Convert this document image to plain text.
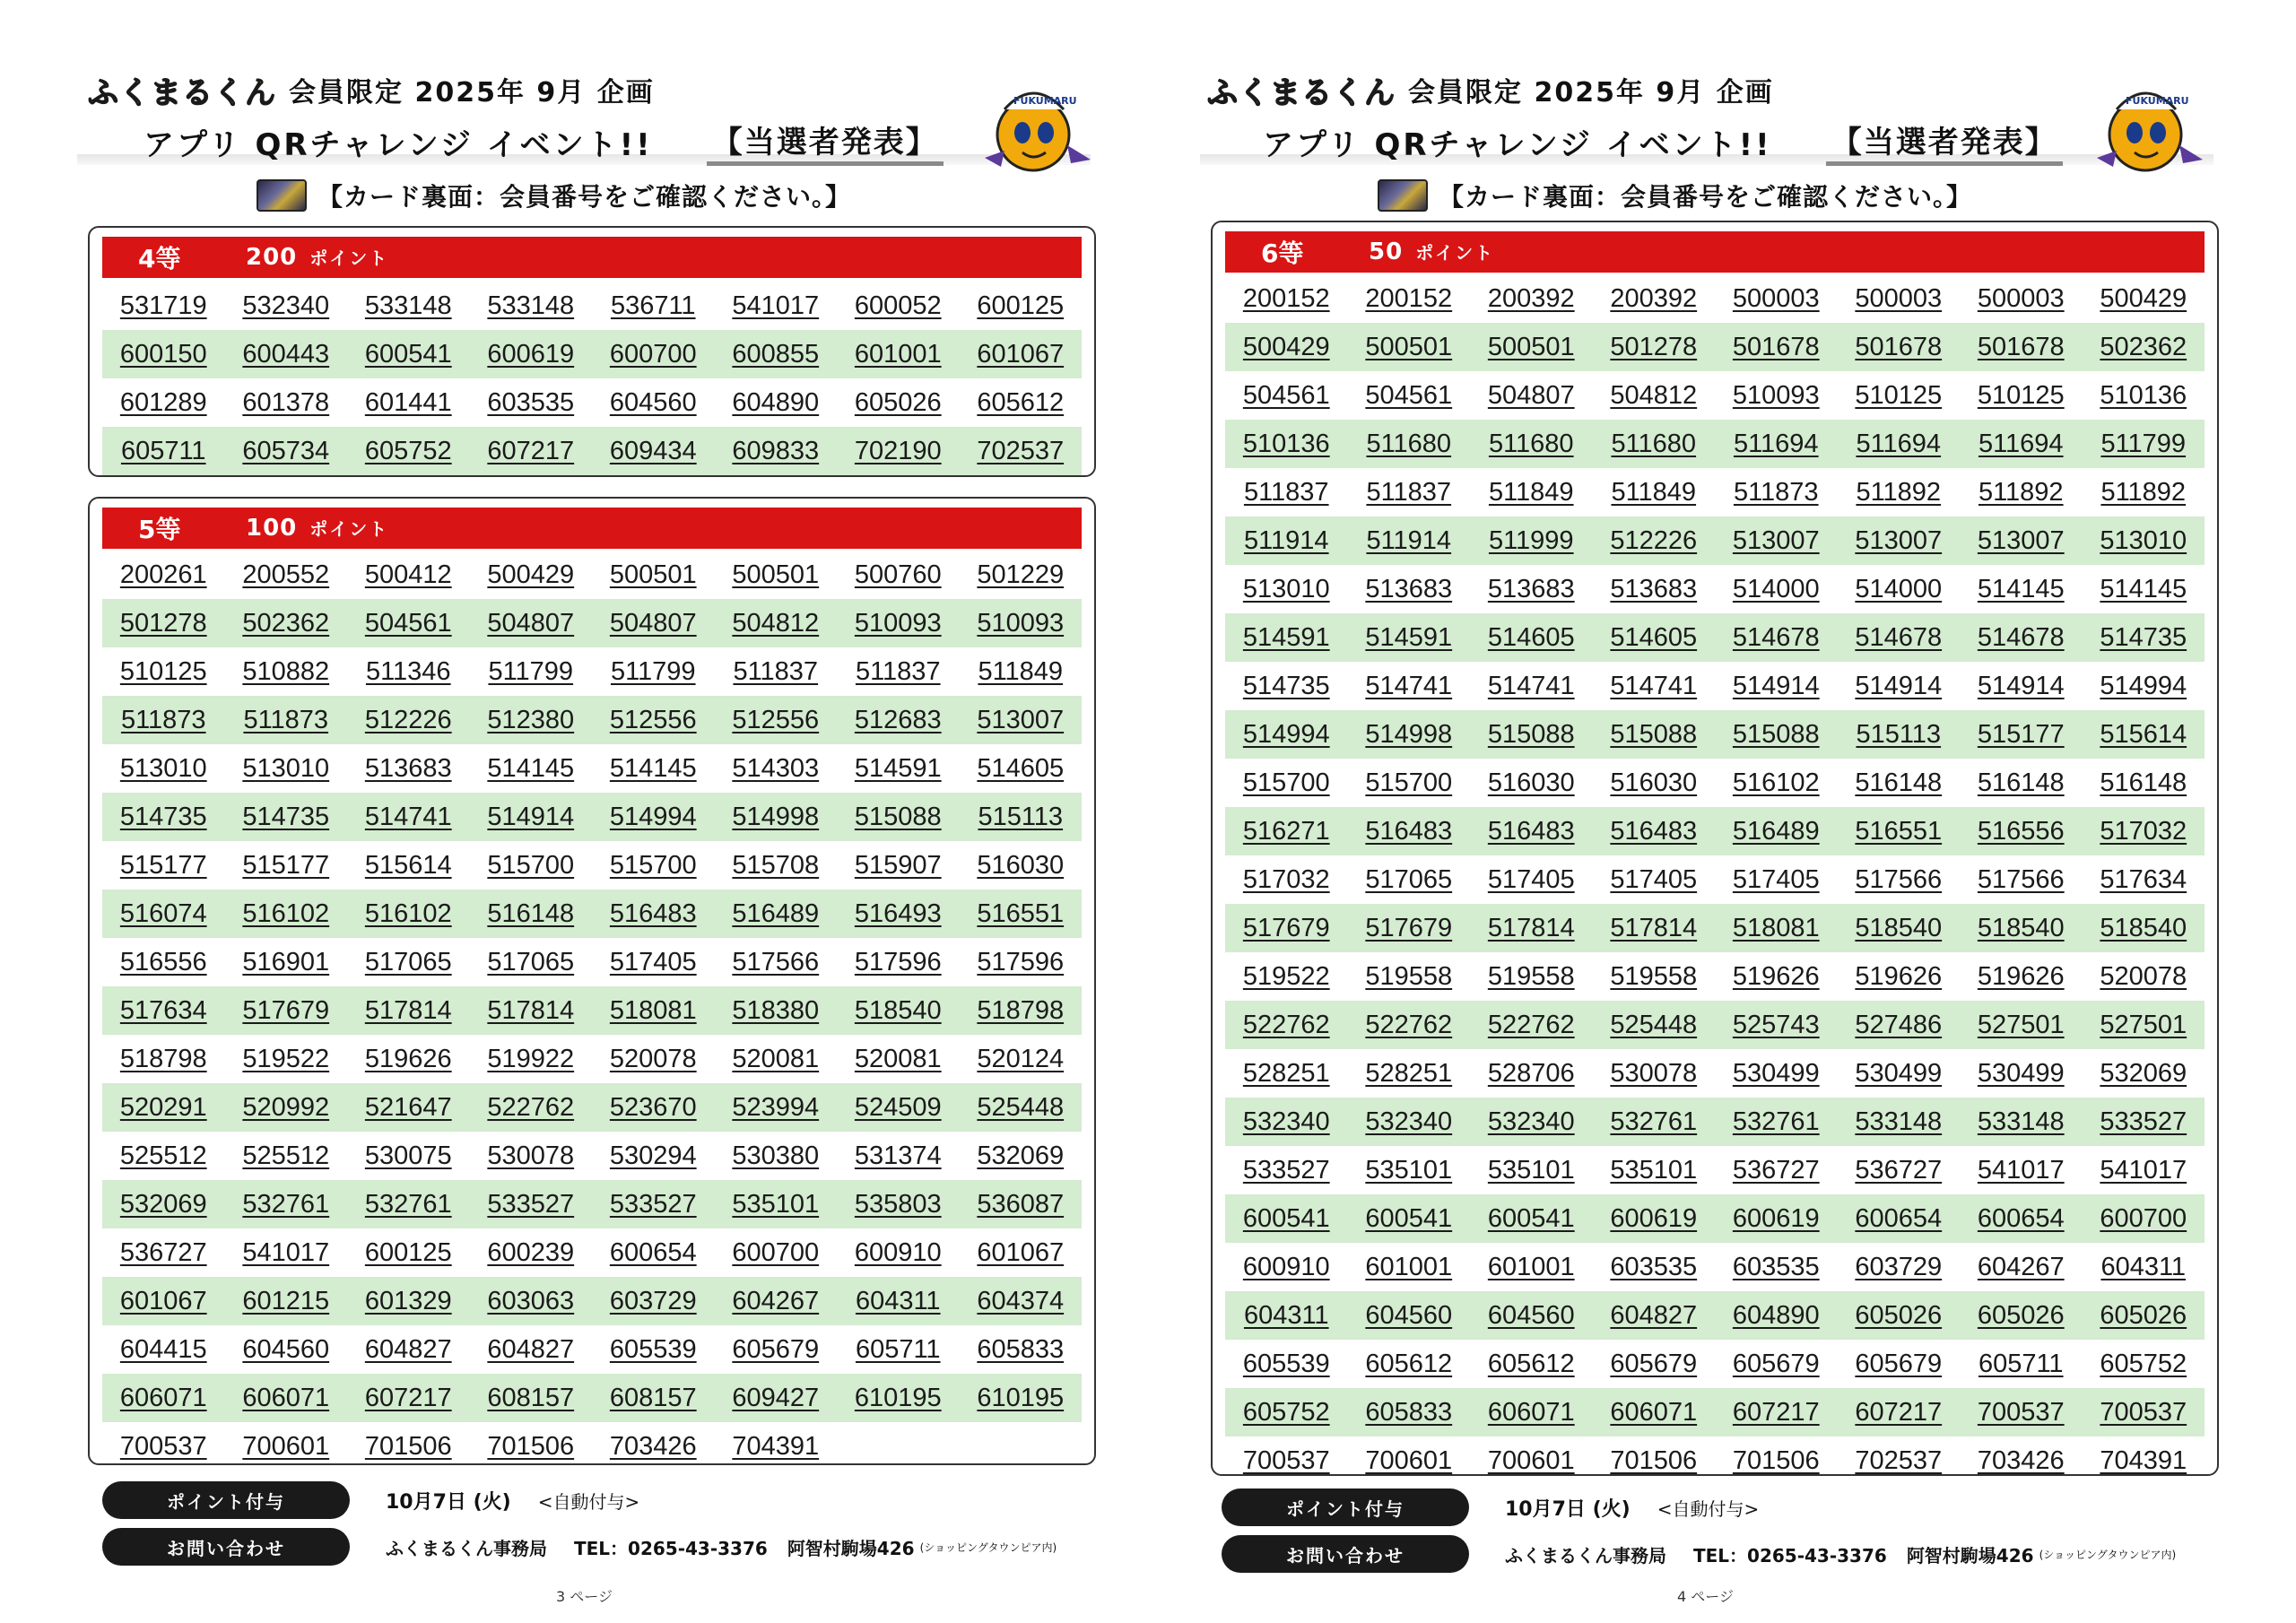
ふくまるくん 会員限定 2025年 9月 企画
アプリ QRチャレンジ イベント!! 【当選者発表】
FUKUMARU
【カード裏面：会員番号をご確認ください。】
4等	200 ポイント
531719	532340	533148	533148	536711	541017	600052	600125
600150	600443	600541	600619	600700	600855	601001	601067
601289	601378	601441	603535	604560	604890	605026	605612
605711	605734	605752	607217	609434	609833	702190	702537
5等	100 ポイント
200261	200552	500412	500429	500501	500501	500760	501229
501278	502362	504561	504807	504807	504812	510093	510093
510125	510882	511346	511799	511799	511837	511837	511849
511873	511873	512226	512380	512556	512556	512683	513007
513010	513010	513683	514145	514145	514303	514591	514605
514735	514735	514741	514914	514994	514998	515088	515113
515177	515177	515614	515700	515700	515708	515907	516030
516074	516102	516102	516148	516483	516489	516493	516551
516556	516901	517065	517065	517405	517566	517596	517596
517634	517679	517814	517814	518081	518380	518540	518798
518798	519522	519626	519922	520078	520081	520081	520124
520291	520992	521647	522762	523670	523994	524509	525448
525512	525512	530075	530078	530294	530380	531374	532069
532069	532761	532761	533527	533527	535101	535803	536087
536727	541017	600125	600239	600654	600700	600910	601067
601067	601215	601329	603063	603729	604267	604311	604374
604415	604560	604827	604827	605539	605679	605711	605833
606071	606071	607217	608157	608157	609427	610195	610195
700537	700601	701506	701506	703426	704391
ポイント付与	10月7日 (火) <自動付与>
お問い合わせ	ふくまるくん事務局 TEL：0265-43-3376 阿智村駒場426 (ショッピングタウンピア内)
3 ページ
ふくまるくん 会員限定 2025年 9月 企画
アプリ QRチャレンジ イベント!! 【当選者発表】
FUKUMARU
【カード裏面：会員番号をご確認ください。】
6等	50 ポイント
200152	200152	200392	200392	500003	500003	500003	500429
500429	500501	500501	501278	501678	501678	501678	502362
504561	504561	504807	504812	510093	510125	510125	510136
510136	511680	511680	511680	511694	511694	511694	511799
511837	511837	511849	511849	511873	511892	511892	511892
511914	511914	511999	512226	513007	513007	513007	513010
513010	513683	513683	513683	514000	514000	514145	514145
514591	514591	514605	514605	514678	514678	514678	514735
514735	514741	514741	514741	514914	514914	514914	514994
514994	514998	515088	515088	515088	515113	515177	515614
515700	515700	516030	516030	516102	516148	516148	516148
516271	516483	516483	516483	516489	516551	516556	517032
517032	517065	517405	517405	517405	517566	517566	517634
517679	517679	517814	517814	518081	518540	518540	518540
519522	519558	519558	519558	519626	519626	519626	520078
522762	522762	522762	525448	525743	527486	527501	527501
528251	528251	528706	530078	530499	530499	530499	532069
532340	532340	532340	532761	532761	533148	533148	533527
533527	535101	535101	535101	536727	536727	541017	541017
600541	600541	600541	600619	600619	600654	600654	600700
600910	601001	601001	603535	603535	603729	604267	604311
604311	604560	604560	604827	604890	605026	605026	605026
605539	605612	605612	605679	605679	605679	605711	605752
605752	605833	606071	606071	607217	607217	700537	700537
700537	700601	700601	701506	701506	702537	703426	704391
ポイント付与	10月7日 (火) <自動付与>
お問い合わせ	ふくまるくん事務局 TEL：0265-43-3376 阿智村駒場426 (ショッピングタウンピア内)
4 ページ
